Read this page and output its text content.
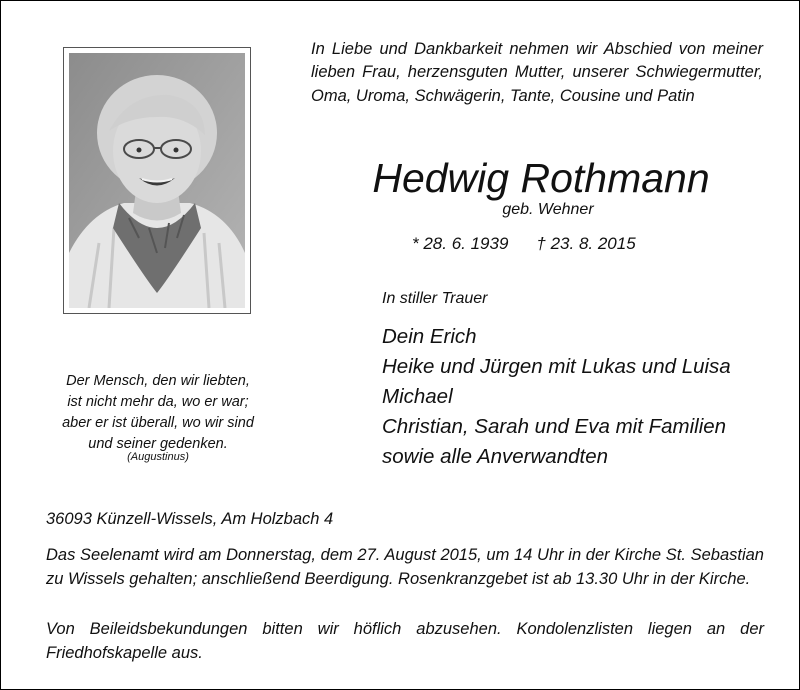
In Liebe und Dankbarkeit nehmen wir Abschied von meiner lieben Frau, herzensguten Mutter, unserer Schwiegermutter, Oma, Uroma, Schwägerin, Tante, Cousine und Patin
Hedwig Rothmann
geb. Wehner
* 28. 6. 1939 † 23. 8. 2015
In stiller Trauer
Dein Erich
Heike und Jürgen mit Lukas und Luisa
Michael
Christian, Sarah und Eva mit Familien
sowie alle Anverwandten
Der Mensch, den wir liebten,
ist nicht mehr da, wo er war;
aber er ist überall, wo wir sind
und seiner gedenken.
(Augustinus)
36093 Künzell-Wissels, Am Holzbach 4
Das Seelenamt wird am Donnerstag, dem 27. August 2015, um 14 Uhr in der Kirche St. Sebastian zu Wissels gehalten; anschließend Beerdigung. Rosenkranzgebet ist ab 13.30 Uhr in der Kirche.
Von Beileidsbekundungen bitten wir höflich abzusehen. Kondolenzlisten liegen an der Friedhofskapelle aus.
